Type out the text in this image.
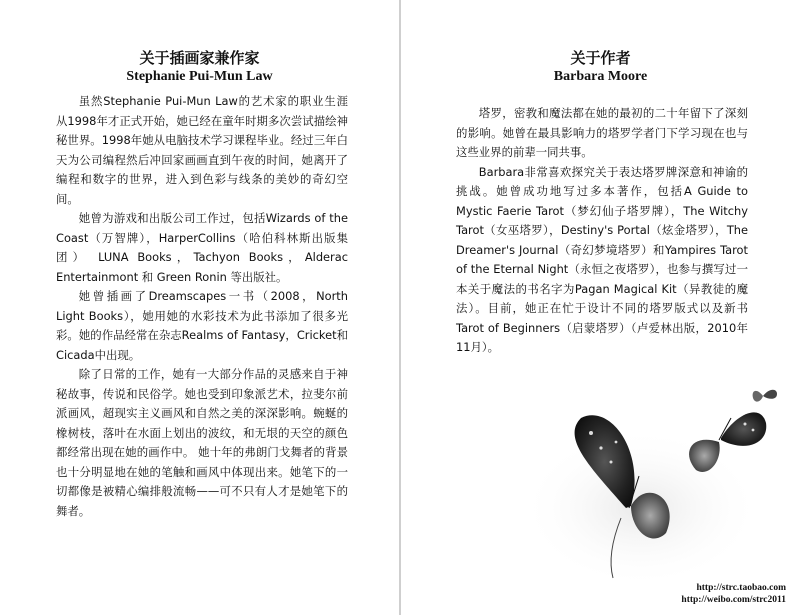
关于插画家兼作家
Stephanie Pui-Mun Law

虽然Stephanie Pui-Mun Law的艺术家的职业生涯从1998年才正式开始，她已经在童年时期多次尝试描绘神秘世界。1998年她从电脑技术学习课程毕业。经过三年白天为公司编程然后冲回家画画直到午夜的时间，她离开了编程和数字的世界，进入到色彩与线条的美妙的奇幻空间。

她曾为游戏和出版公司工作过，包括Wizards of the Coast（万智牌），HarperCollins（哈伯科林斯出版集团） LUNA Books，Tachyon Books，Alderac Entertainmont 和 Green Ronin 等出版社。

她曾插画了Dreamscapes一书（2008，North Light Books），她用她的水彩技术为此书添加了很多光彩。她的作品经常在杂志Realms of Fantasy，Cricket和Cicada中出现。

除了日常的工作，她有一大部分作品的灵感来自于神秘故事，传说和民俗学。她也受到印象派艺术，拉斐尔前派画风，超现实主义画风和自然之美的深深影响。蜿蜒的橡树枝，落叶在水面上划出的波纹，和无垠的天空的颜色都经常出现在她的画作中。 她十年的弗朗门戈舞者的背景也十分明显地在她的笔触和画风中体现出来。她笔下的一切都像是被精心编排般流畅——可不只有人才是她笔下的舞者。

关于作者
Barbara Moore

塔罗，密教和魔法都在她的最初的二十年留下了深刻的影响。她曾在最具影响力的塔罗学者门下学习现在也与这些业界的前辈一同共事。

Barbara非常喜欢探究关于表达塔罗牌深意和神谕的挑战。她曾成功地写过多本著作，包括A Guide to Mystic Faerie Tarot（梦幻仙子塔罗牌），The Witchy Tarot（女巫塔罗），Destiny's Portal（炫金塔罗），The Dreamer's Journal（奇幻梦境塔罗）和Yampires Tarot of the Eternal Night（永恒之夜塔罗），也参与撰写过一本关于魔法的书名字为Pagan Magical Kit（异教徒的魔法）。目前，她正在忙于设计不同的塔罗版式以及新书Tarot of Beginners（启蒙塔罗）（卢爱林出版，2010年11月）。

http://strc.taobao.com
http://weibo.com/strc2011
